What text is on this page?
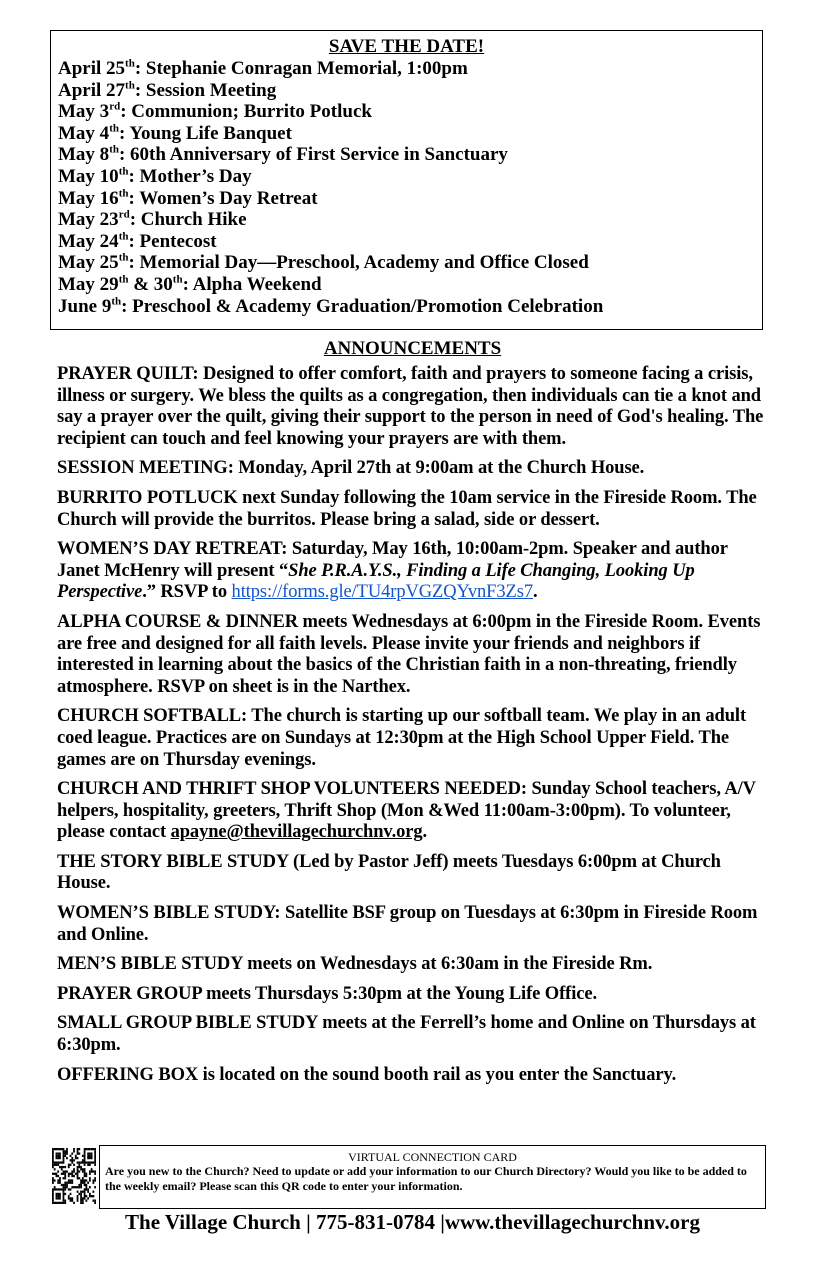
SAVE THE DATE!
April 25th: Stephanie Conragan Memorial, 1:00pm
April 27th: Session Meeting
May 3rd: Communion; Burrito Potluck
May 4th: Young Life Banquet
May 8th: 60th Anniversary of First Service in Sanctuary
May 10th: Mother’s Day
May 16th: Women’s Day Retreat
May 23rd: Church Hike
May 24th: Pentecost
May 25th: Memorial Day—Preschool, Academy and Office Closed
May 29th & 30th: Alpha Weekend
June 9th: Preschool & Academy Graduation/Promotion Celebration
ANNOUNCEMENTS

PRAYER QUILT: Designed to offer comfort, faith and prayers to someone facing a crisis, illness or surgery. We bless the quilts as a congregation, then individuals can tie a knot and say a prayer over the quilt, giving their support to the person in need of God's healing. The recipient can touch and feel knowing your prayers are with them.

SESSION MEETING: Monday, April 27th at 9:00am at the Church House.

BURRITO POTLUCK next Sunday following the 10am service in the Fireside Room. The Church will provide the burritos. Please bring a salad, side or dessert.

WOMEN’S DAY RETREAT: Saturday, May 16th, 10:00am-2pm. Speaker and author Janet McHenry will present “She P.R.A.Y.S., Finding a Life Changing, Looking Up Perspective.” RSVP to https://forms.gle/TU4rpVGZQYvnF3Zs7.

ALPHA COURSE & DINNER meets Wednesdays at 6:00pm in the Fireside Room. Events are free and designed for all faith levels. Please invite your friends and neighbors if interested in learning about the basics of the Christian faith in a non-threating, friendly atmosphere. RSVP on sheet is in the Narthex.

CHURCH SOFTBALL: The church is starting up our softball team. We play in an adult coed league. Practices are on Sundays at 12:30pm at the High School Upper Field. The games are on Thursday evenings.

CHURCH AND THRIFT SHOP VOLUNTEERS NEEDED: Sunday School teachers, A/V helpers, hospitality, greeters, Thrift Shop (Mon &Wed 11:00am-3:00pm). To volunteer, please contact apayne@thevillagechurchnv.org.

THE STORY BIBLE STUDY (Led by Pastor Jeff) meets Tuesdays 6:00pm at Church House.

WOMEN’S BIBLE STUDY: Satellite BSF group on Tuesdays at 6:30pm in Fireside Room and Online.

MEN’S BIBLE STUDY meets on Wednesdays at 6:30am in the Fireside Rm.

PRAYER GROUP meets Thursdays 5:30pm at the Young Life Office.

SMALL GROUP BIBLE STUDY meets at the Ferrell’s home and Online on Thursdays at 6:30pm.

OFFERING BOX is located on the sound booth rail as you enter the Sanctuary.

VIRTUAL CONNECTION CARD
Are you new to the Church? Need to update or add your information to our Church Directory? Would you like to be added to the weekly email? Please scan this QR code to enter your information.
The Village Church | 775-831-0784 |www.thevillagechurchnv.org
